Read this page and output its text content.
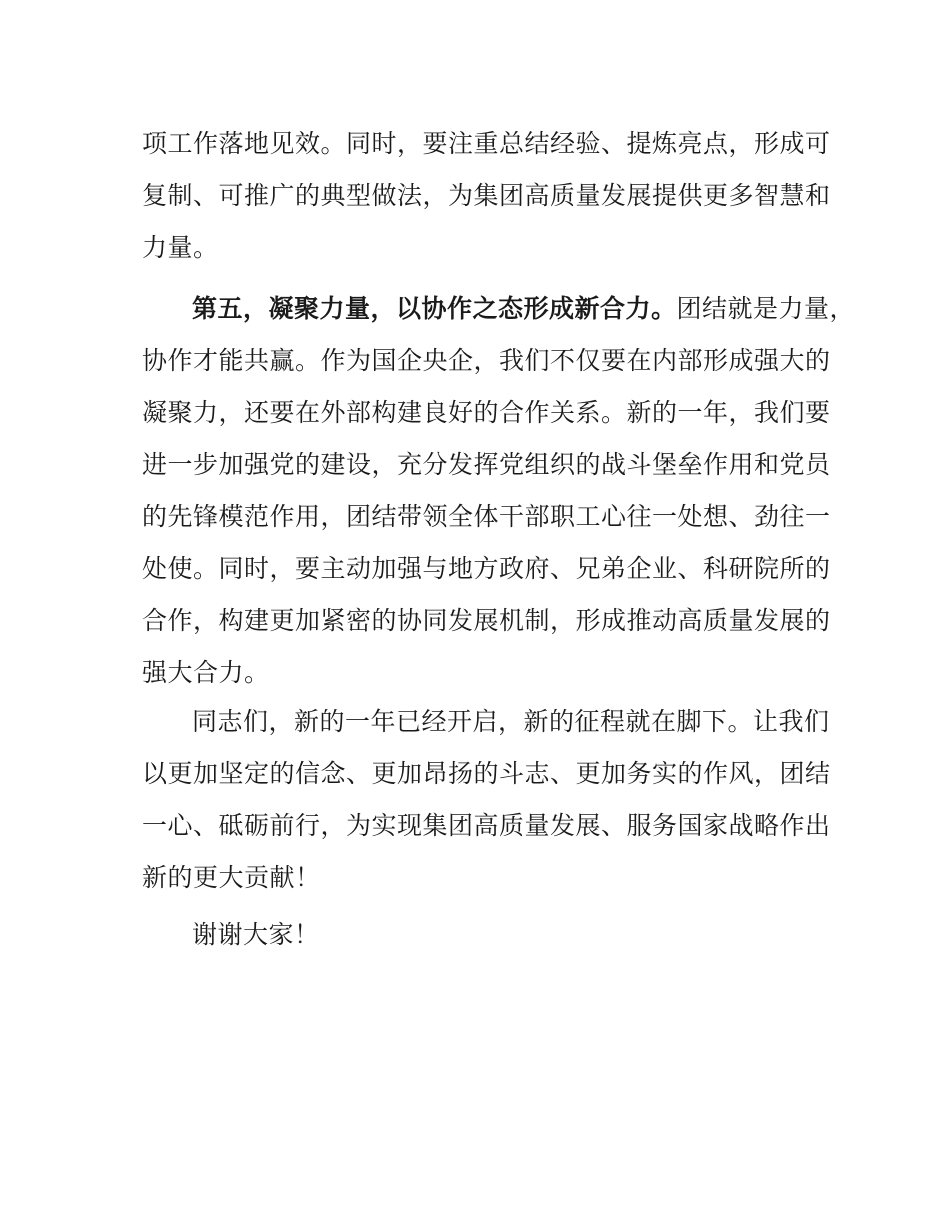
项工作落地见效。同时，要注重总结经验、提炼亮点，形成可
复制、可推广的典型做法，为集团高质量发展提供更多智慧和
力量。
第五，凝聚力量，以协作之态形成新合力。团结就是力量，
协作才能共赢。作为国企央企，我们不仅要在内部形成强大的
凝聚力，还要在外部构建良好的合作关系。新的一年，我们要
进一步加强党的建设，充分发挥党组织的战斗堡垒作用和党员
的先锋模范作用，团结带领全体干部职工心往一处想、劲往一
处使。同时，要主动加强与地方政府、兄弟企业、科研院所的
合作，构建更加紧密的协同发展机制，形成推动高质量发展的
强大合力。
同志们，新的一年已经开启，新的征程就在脚下。让我们
以更加坚定的信念、更加昂扬的斗志、更加务实的作风，团结
一心、砥砺前行，为实现集团高质量发展、服务国家战略作出
新的更大贡献！
谢谢大家！
